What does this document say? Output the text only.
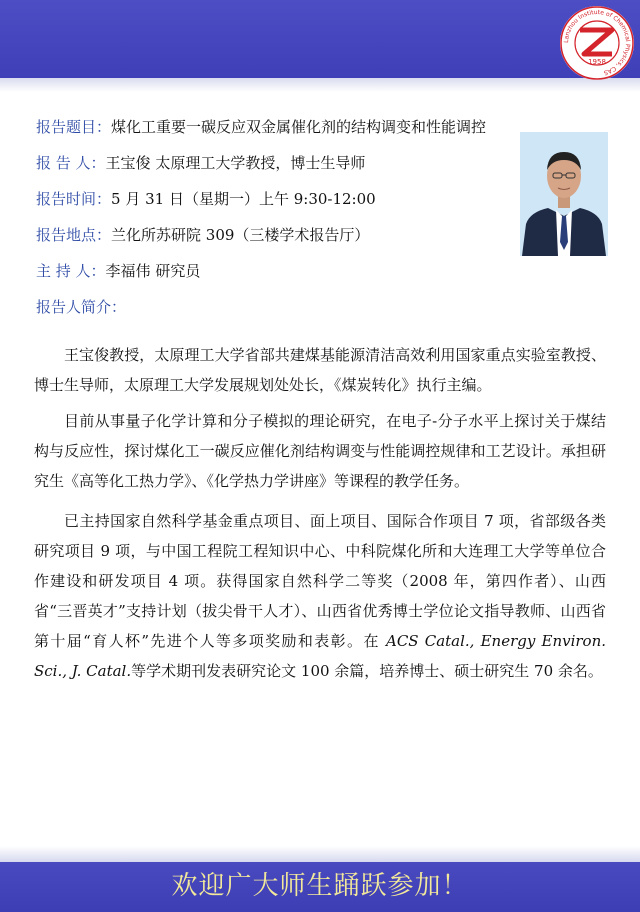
Lanzhou Institute of Chemical Physics, CAS
1958
报告题目：煤化工重要一碳反应双金属催化剂的结构调变和性能调控
报 告 人：王宝俊 太原理工大学教授，博士生导师
报告时间：5 月 31 日（星期一）上午 9:30-12:00
报告地点：兰化所苏研院 309（三楼学术报告厅）
主 持 人：李福伟 研究员
报告人简介：

王宝俊教授，太原理工大学省部共建煤基能源清洁高效利用国家重点实验室教授、博士生导师，太原理工大学发展规划处处长，《煤炭转化》执行主编。

目前从事量子化学计算和分子模拟的理论研究，在电子-分子水平上探讨关于煤结构与反应性，探讨煤化工一碳反应催化剂结构调变与性能调控规律和工艺设计。承担研究生《高等化工热力学》、《化学热力学讲座》等课程的教学任务。

已主持国家自然科学基金重点项目、面上项目、国际合作项目 7 项，省部级各类研究项目 9 项，与中国工程院工程知识中心、中科院煤化所和大连理工大学等单位合作建设和研发项目 4 项。获得国家自然科学二等奖（2008 年，第四作者）、山西省“三晋英才”支持计划（拔尖骨干人才）、山西省优秀博士学位论文指导教师、山西省第十届“育人杯”先进个人等多项奖励和表彰。在 ACS Catal., Energy Environ. Sci., J. Catal.等学术期刊发表研究论文 100 余篇，培养博士、硕士研究生 70 余名。

欢迎广大师生踊跃参加！
